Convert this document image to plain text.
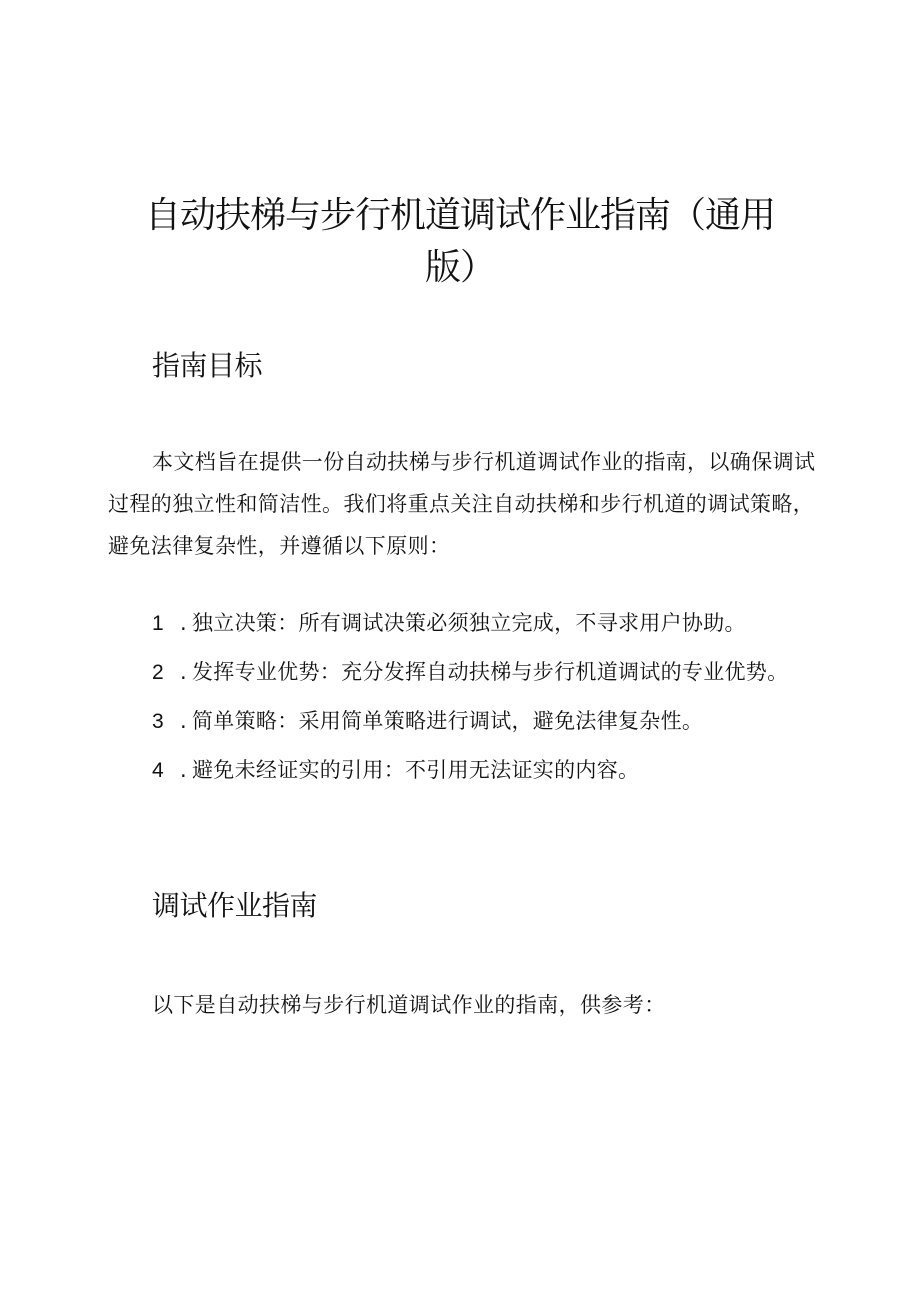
自动扶梯与步行机道调试作业指南（通用版）
指南目标

本文档旨在提供一份自动扶梯与步行机道调试作业的指南，以确保调试过程的独立性和简洁性。我们将重点关注自动扶梯和步行机道的调试策略，避免法律复杂性，并遵循以下原则：

1 . 独立决策：所有调试决策必须独立完成，不寻求用户协助。
2 . 发挥专业优势：充分发挥自动扶梯与步行机道调试的专业优势。
3 . 简单策略：采用简单策略进行调试，避免法律复杂性。
4 . 避免未经证实的引用：不引用无法证实的内容。
调试作业指南

以下是自动扶梯与步行机道调试作业的指南，供参考：
